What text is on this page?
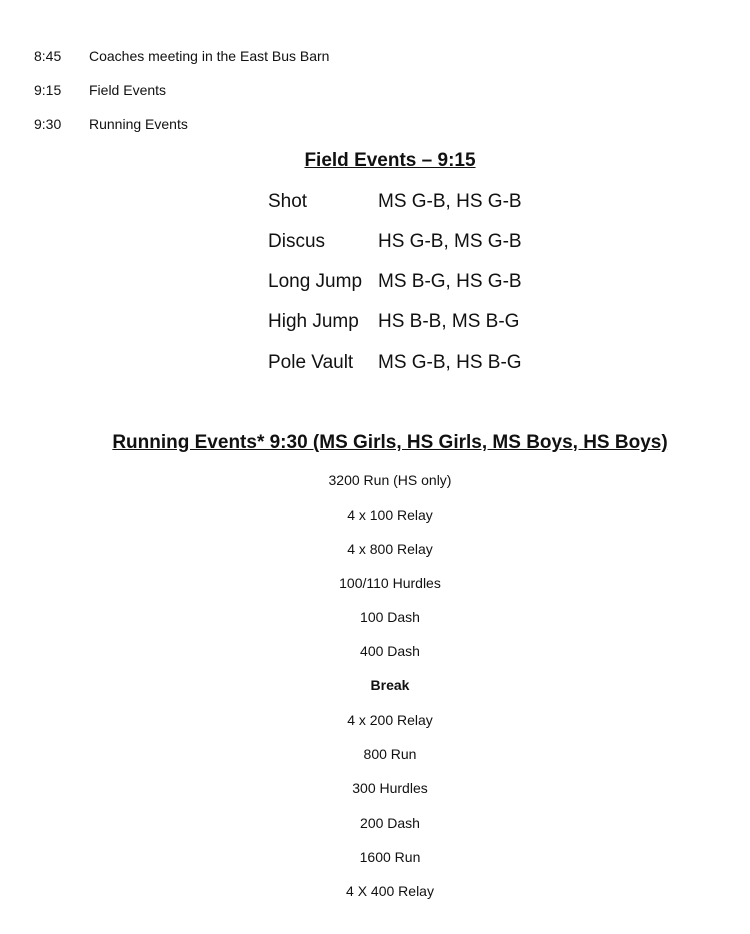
8:45 Coaches meeting in the East Bus Barn
9:15 Field Events
9:30 Running Events
Field Events – 9:15
Shot	MS G-B, HS G-B
Discus	HS G-B, MS G-B
Long Jump MS B-G, HS G-B
High Jump HS B-B, MS B-G
Pole Vault MS G-B, HS B-G
Running Events* 9:30 (MS Girls, HS Girls, MS Boys, HS Boys)
3200 Run (HS only)
4 x 100 Relay
4 x 800 Relay
100/110 Hurdles
100 Dash
400 Dash
Break
4 x 200 Relay
800 Run
300 Hurdles
200 Dash
1600 Run
4 X 400 Relay
